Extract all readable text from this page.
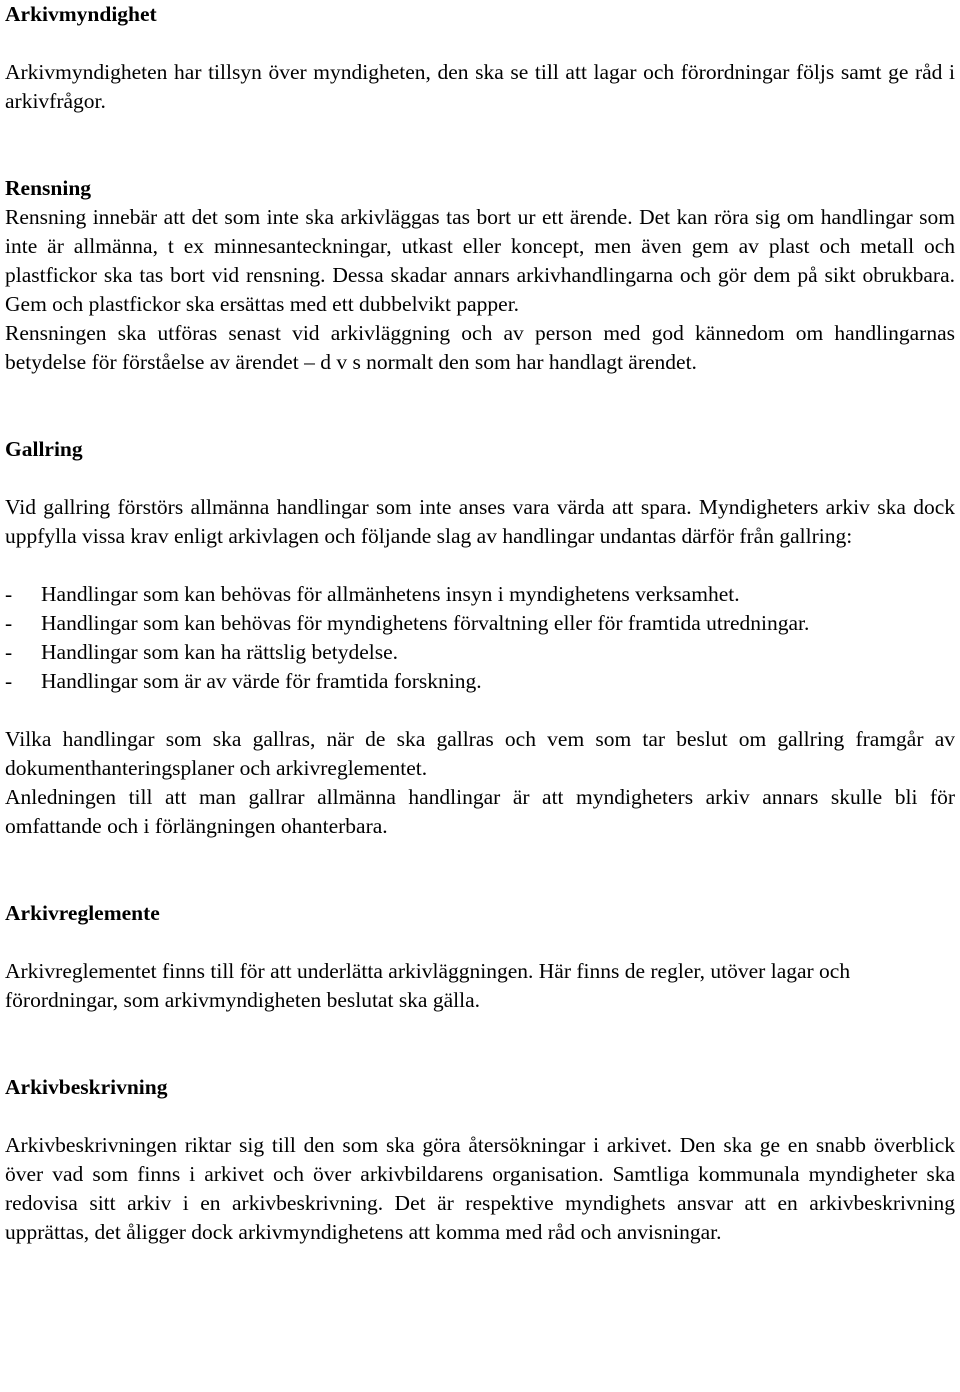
Arkivmyndighet

Arkivmyndigheten har tillsyn över myndigheten, den ska se till att lagar och förordningar följs samt ge råd i arkivfrågor.

Rensning

Rensning innebär att det som inte ska arkivläggas tas bort ur ett ärende. Det kan röra sig om handlingar som inte är allmänna, t ex minnesanteckningar, utkast eller koncept, men även gem av plast och metall och plastfickor ska tas bort vid rensning. Dessa skadar annars arkivhandlingarna och gör dem på sikt obrukbara. Gem och plastfickor ska ersättas med ett dubbelvikt papper.

Rensningen ska utföras senast vid arkivläggning och av person med god kännedom om handlingarnas betydelse för förståelse av ärendet – d v s normalt den som har handlagt ärendet.

Gallring

Vid gallring förstörs allmänna handlingar som inte anses vara värda att spara. Myndigheters arkiv ska dock uppfylla vissa krav enligt arkivlagen och följande slag av handlingar undantas därför från gallring:

-	Handlingar som kan behövas för allmänhetens insyn i myndighetens verksamhet.
-	Handlingar som kan behövas för myndighetens förvaltning eller för framtida utredningar.
-	Handlingar som kan ha rättslig betydelse.
-	Handlingar som är av värde för framtida forskning.

Vilka handlingar som ska gallras, när de ska gallras och vem som tar beslut om gallring framgår av dokumenthanteringsplaner och arkivreglementet.

Anledningen till att man gallrar allmänna handlingar är att myndigheters arkiv annars skulle bli för omfattande och i förlängningen ohanterbara.

Arkivreglemente

Arkivreglementet finns till för att underlätta arkivläggningen. Här finns de regler, utöver lagar och förordningar, som arkivmyndigheten beslutat ska gälla.

Arkivbeskrivning

Arkivbeskrivningen riktar sig till den som ska göra återsökningar i arkivet. Den ska ge en snabb överblick över vad som finns i arkivet och över arkivbildarens organisation. Samtliga kommunala myndigheter ska redovisa sitt arkiv i en arkivbeskrivning. Det är respektive myndighets ansvar att en arkivbeskrivning upprättas, det åligger dock arkivmyndighetens att komma med råd och anvisningar.
